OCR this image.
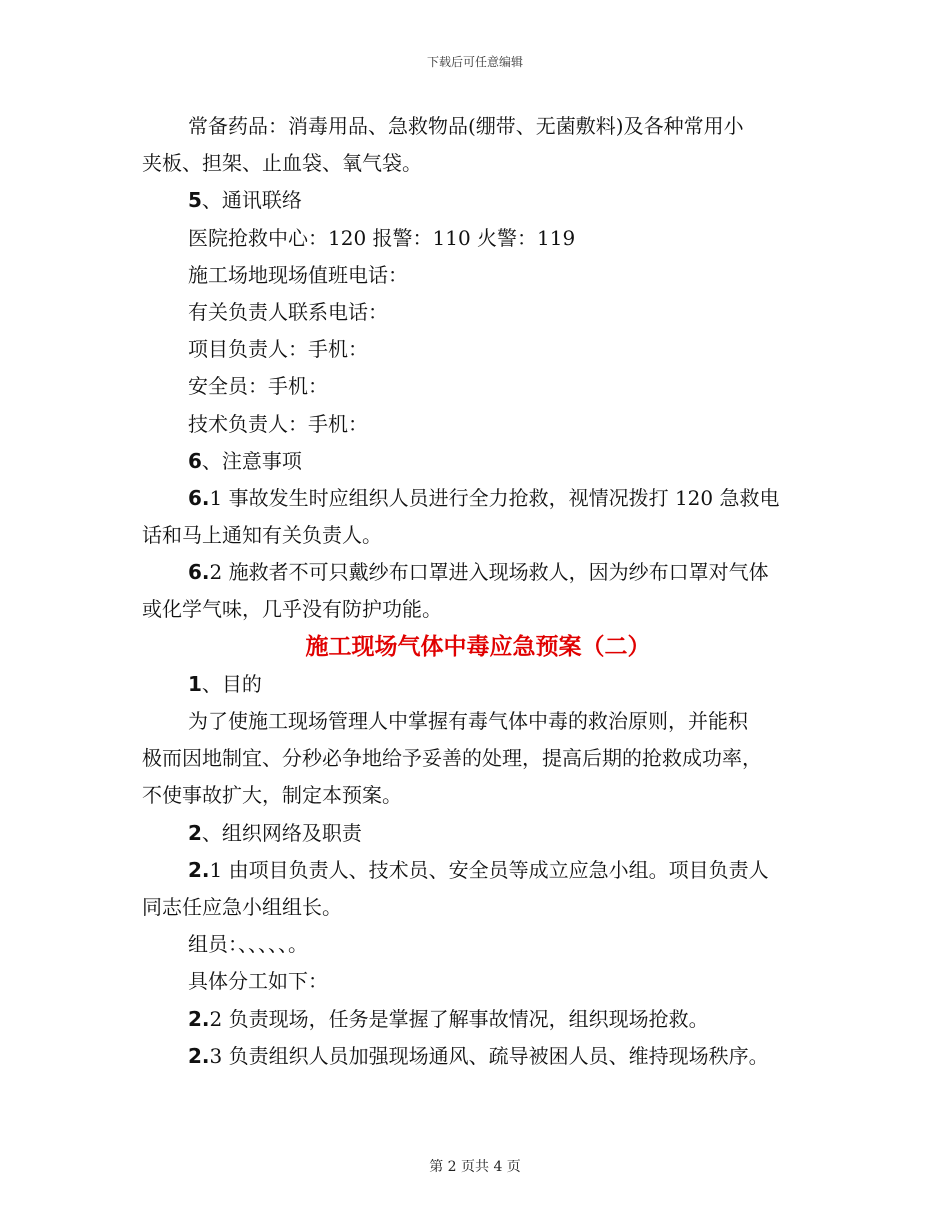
下载后可任意编辑
常备药品：消毒用品、急救物品(绷带、无菌敷料)及各种常用小
夹板、担架、止血袋、氧气袋。
5、通讯联络
医院抢救中心：120 报警：110 火警：119
施工场地现场值班电话：
有关负责人联系电话：
项目负责人：手机：
安全员：手机：
技术负责人：手机：
6、注意事项
6.1 事故发生时应组织人员进行全力抢救，视情况拨打 120 急救电
话和马上通知有关负责人。
6.2 施救者不可只戴纱布口罩进入现场救人，因为纱布口罩对气体
或化学气味，几乎没有防护功能。
施工现场气体中毒应急预案（二）
1、目的
为了使施工现场管理人中掌握有毒气体中毒的救治原则，并能积
极而因地制宜、分秒必争地给予妥善的处理，提高后期的抢救成功率，
不使事故扩大，制定本预案。
2、组织网络及职责
2.1 由项目负责人、技术员、安全员等成立应急小组。项目负责人
同志任应急小组组长。
组员：、、、、、。
具体分工如下：
2.2 负责现场，任务是掌握了解事故情况，组织现场抢救。
2.3 负责组织人员加强现场通风、疏导被困人员、维持现场秩序。
第 2 页共 4 页
